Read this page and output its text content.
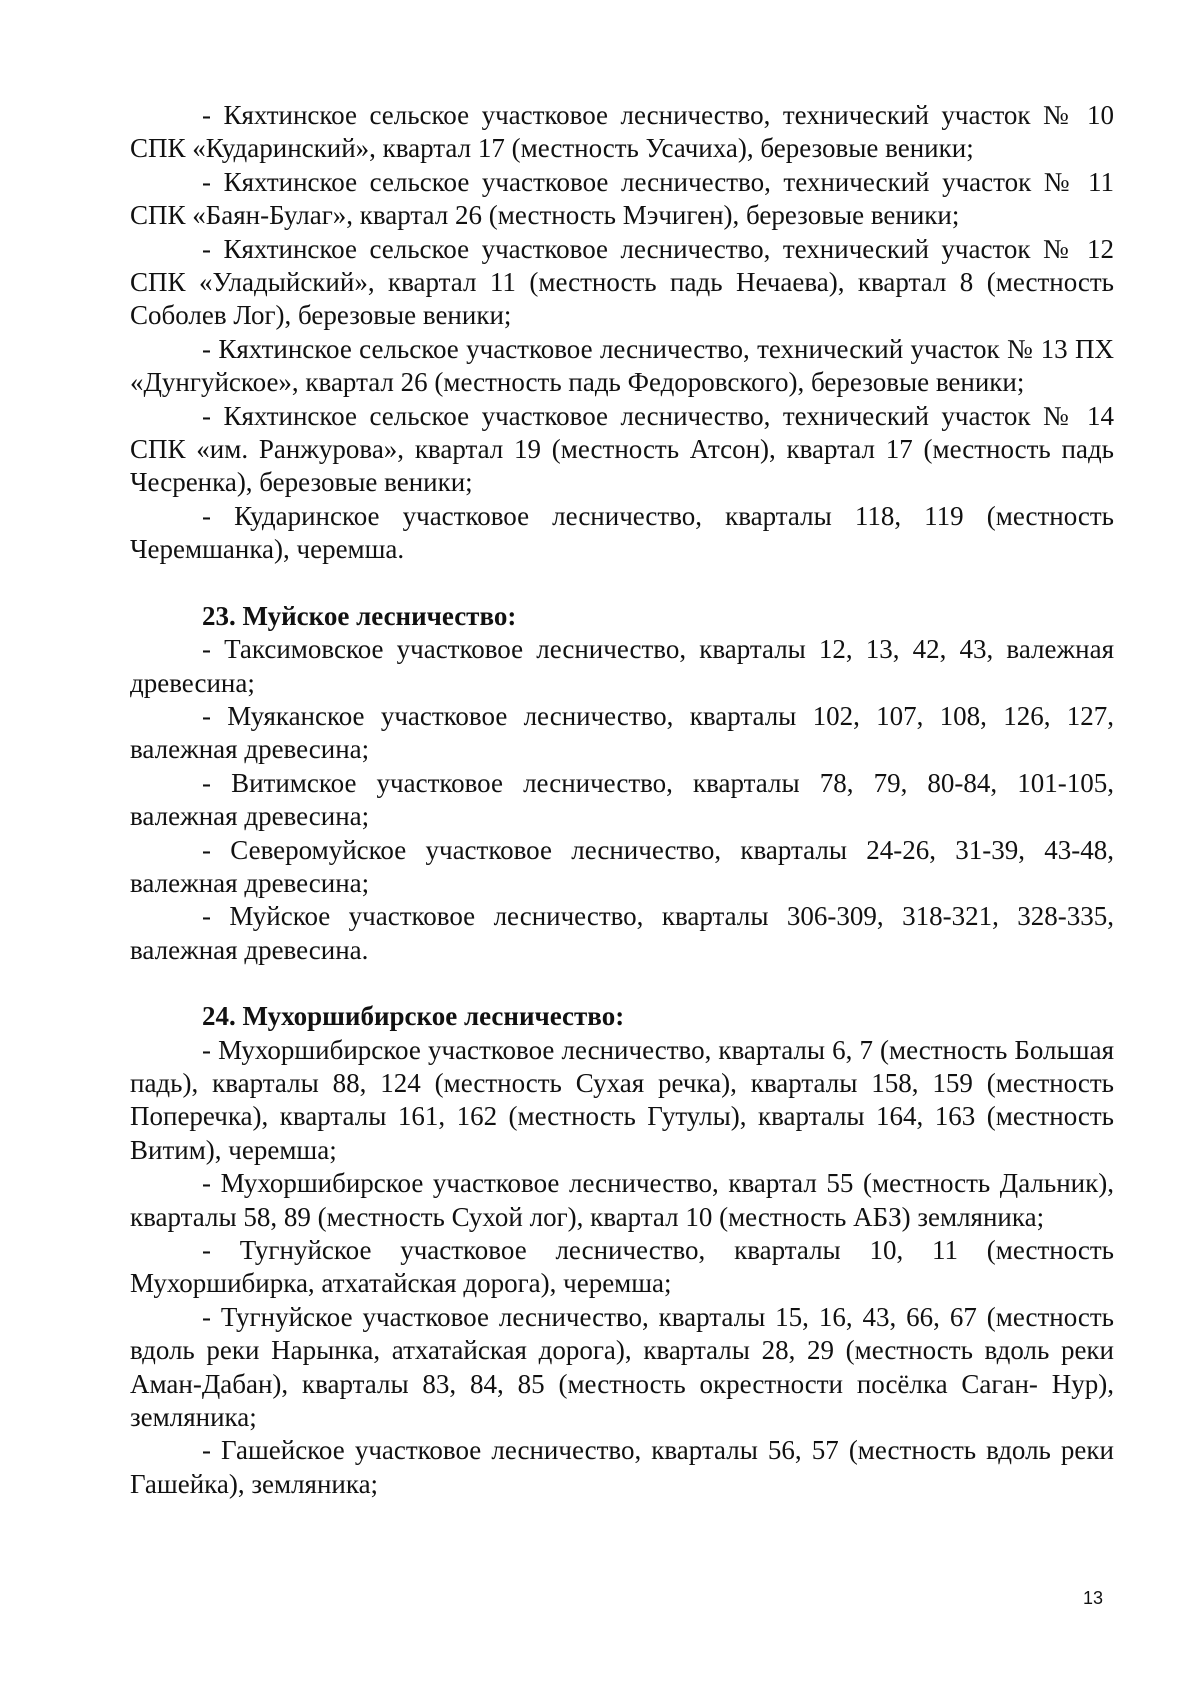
- Кяхтинское сельское участковое лесничество, технический участок № 10 СПК «Кударинский», квартал 17 (местность Усачиха), березовые веники;

- Кяхтинское сельское участковое лесничество, технический участок № 11 СПК «Баян-Булаг», квартал 26 (местность Мэчиген), березовые веники;

- Кяхтинское сельское участковое лесничество, технический участок № 12 СПК «Уладыйский», квартал 11 (местность падь Нечаева), квартал 8 (местность Соболев Лог), березовые веники;

- Кяхтинское сельское участковое лесничество, технический участок № 13 ПХ «Дунгуйское», квартал 26 (местность падь Федоровского), березовые веники;

- Кяхтинское сельское участковое лесничество, технический участок № 14 СПК «им. Ранжурова», квартал 19 (местность Атсон), квартал 17 (местность падь Чесренка), березовые веники;

- Кударинское участковое лесничество, кварталы 118, 119 (местность Черемшанка), черемша.

23. Муйское лесничество:

- Таксимовское участковое лесничество, кварталы 12, 13, 42, 43, валежная древесина;

- Муяканское участковое лесничество, кварталы 102, 107, 108, 126, 127, валежная древесина;

- Витимское участковое лесничество, кварталы 78, 79, 80-84, 101-105, валежная древесина;

- Северомуйское участковое лесничество, кварталы 24-26, 31-39, 43-48, валежная древесина;

- Муйское участковое лесничество, кварталы 306-309, 318-321, 328-335, валежная древесина.

24. Мухоршибирское лесничество:

- Мухоршибирское участковое лесничество, кварталы 6, 7 (местность Большая падь), кварталы 88, 124 (местность Сухая речка), кварталы 158, 159 (местность Поперечка), кварталы 161, 162 (местность Гутулы), кварталы 164, 163 (местность Витим), черемша;

- Мухоршибирское участковое лесничество, квартал 55 (местность Дальник), кварталы 58, 89 (местность Сухой лог), квартал 10 (местность АБЗ) земляника;

- Тугнуйское участковое лесничество, кварталы 10, 11 (местность Мухоршибирка, атхатайская дорога), черемша;

- Тугнуйское участковое лесничество, кварталы 15, 16, 43, 66, 67 (местность вдоль реки Нарынка, атхатайская дорога), кварталы 28, 29 (местность вдоль реки Аман-Дабан), кварталы 83, 84, 85 (местность окрестности посёлка Саган- Нур), земляника;

- Гашейское участковое лесничество, кварталы 56, 57 (местность вдоль реки Гашейка), земляника;

13
